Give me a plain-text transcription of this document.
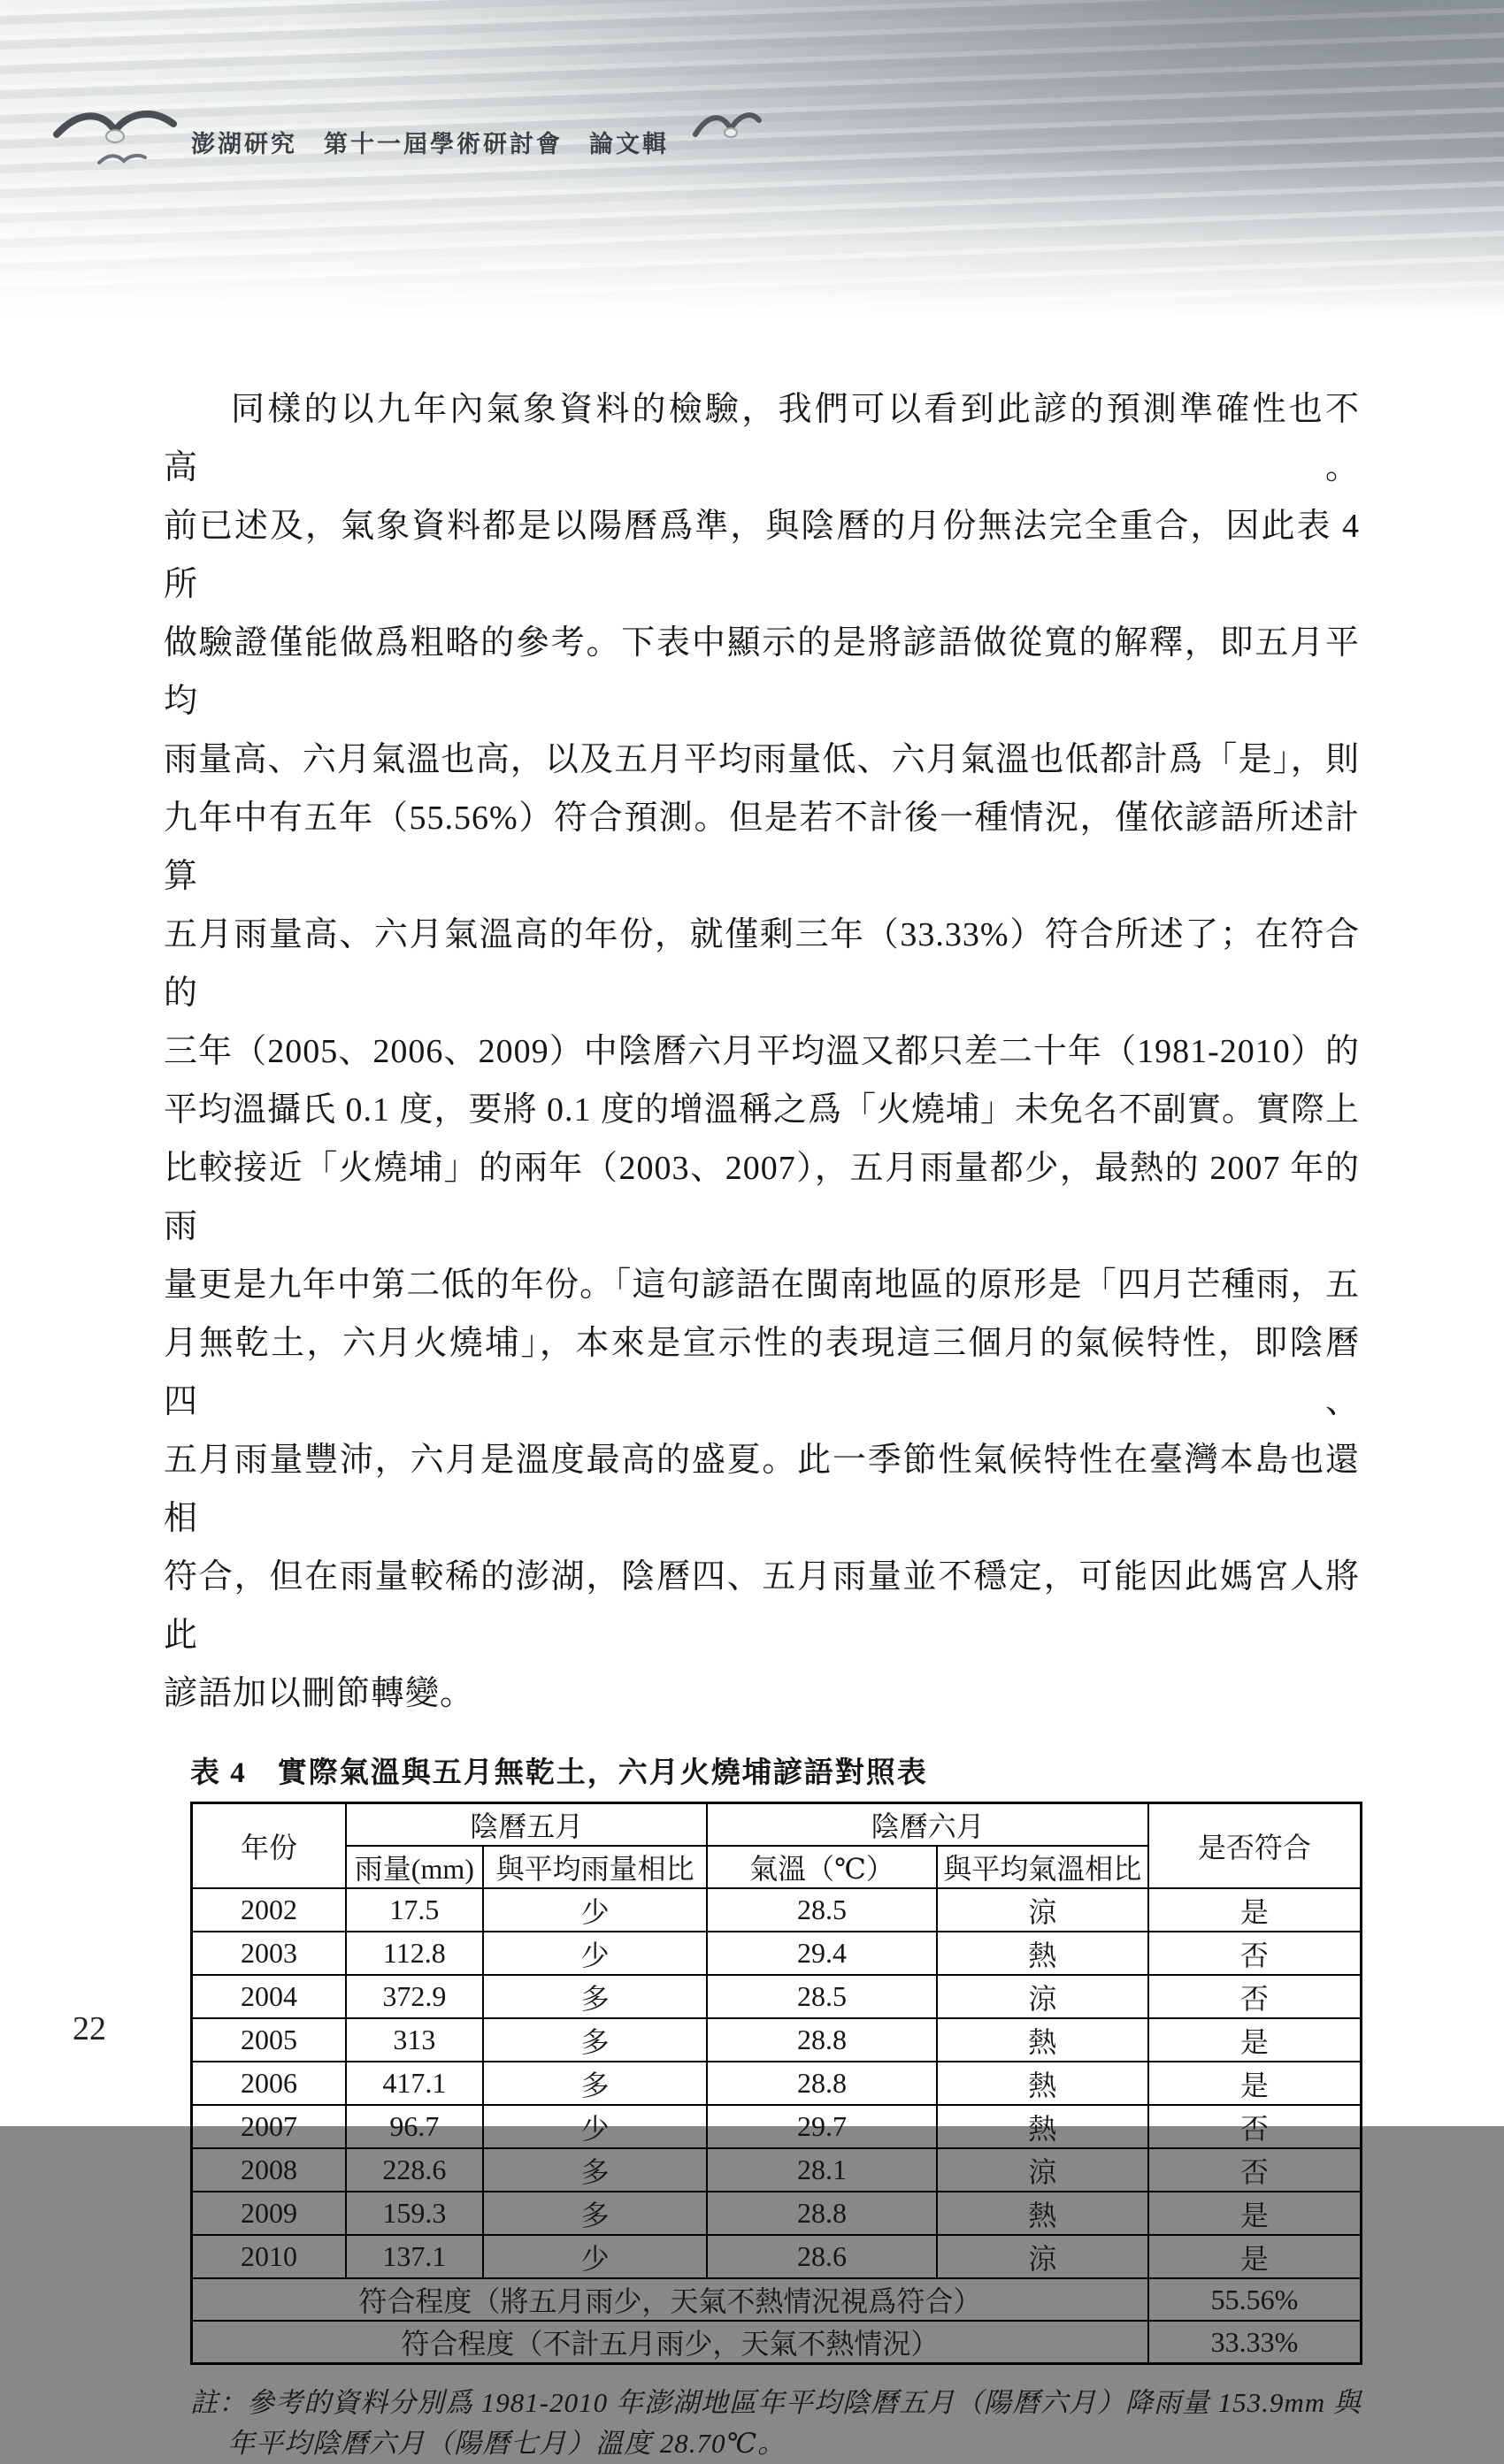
澎湖研究　第十一屆學術研討會　論文輯
同樣的以九年內氣象資料的檢驗，我們可以看到此諺的預測準確性也不高。
前已述及，氣象資料都是以陽曆爲準，與陰曆的月份無法完全重合，因此表 4 所
做驗證僅能做爲粗略的參考。下表中顯示的是將諺語做從寬的解釋，即五月平均
雨量高、六月氣溫也高，以及五月平均雨量低、六月氣溫也低都計爲「是」，則
九年中有五年（55.56%）符合預測。但是若不計後一種情況，僅依諺語所述計算
五月雨量高、六月氣溫高的年份，就僅剩三年（33.33%）符合所述了；在符合的
三年（2005、2006、2009）中陰曆六月平均溫又都只差二十年（1981-2010）的
平均溫攝氏 0.1 度，要將 0.1 度的增溫稱之爲「火燒埔」未免名不副實。實際上
比較接近「火燒埔」的兩年（2003、2007），五月雨量都少，最熱的 2007 年的雨
量更是九年中第二低的年份。「這句諺語在閩南地區的原形是「四月芒種雨，五
月無乾土，六月火燒埔」，本來是宣示性的表現這三個月的氣候特性，即陰曆四、
五月雨量豐沛，六月是溫度最高的盛夏。此一季節性氣候特性在臺灣本島也還相
符合，但在雨量較稀的澎湖，陰曆四、五月雨量並不穩定，可能因此媽宮人將此
諺語加以刪節轉變。
表 4　實際氣溫與五月無乾土，六月火燒埔諺語對照表
年份	陰曆五月		陰曆六月		是否符合
	雨量(mm)	與平均雨量相比	氣溫（℃）	與平均氣溫相比	
2002	17.5	少	28.5	涼	是
2003	112.8	少	29.4	熱	否
2004	372.9	多	28.5	涼	否
2005	313	多	28.8	熱	是
2006	417.1	多	28.8	熱	是
2007	96.7	少	29.7	熱	否
2008	228.6	多	28.1	涼	否
2009	159.3	多	28.8	熱	是
2010	137.1	少	28.6	涼	是
符合程度（將五月雨少，天氣不熱情況視爲符合）					55.56%
符合程度（不計五月雨少，天氣不熱情況）					33.33%
註：參考的資料分別爲 1981-2010 年澎湖地區年平均陰曆五月（陽曆六月）降雨量 153.9mm 與
年平均陰曆六月（陽曆七月）溫度 28.70℃。
22
